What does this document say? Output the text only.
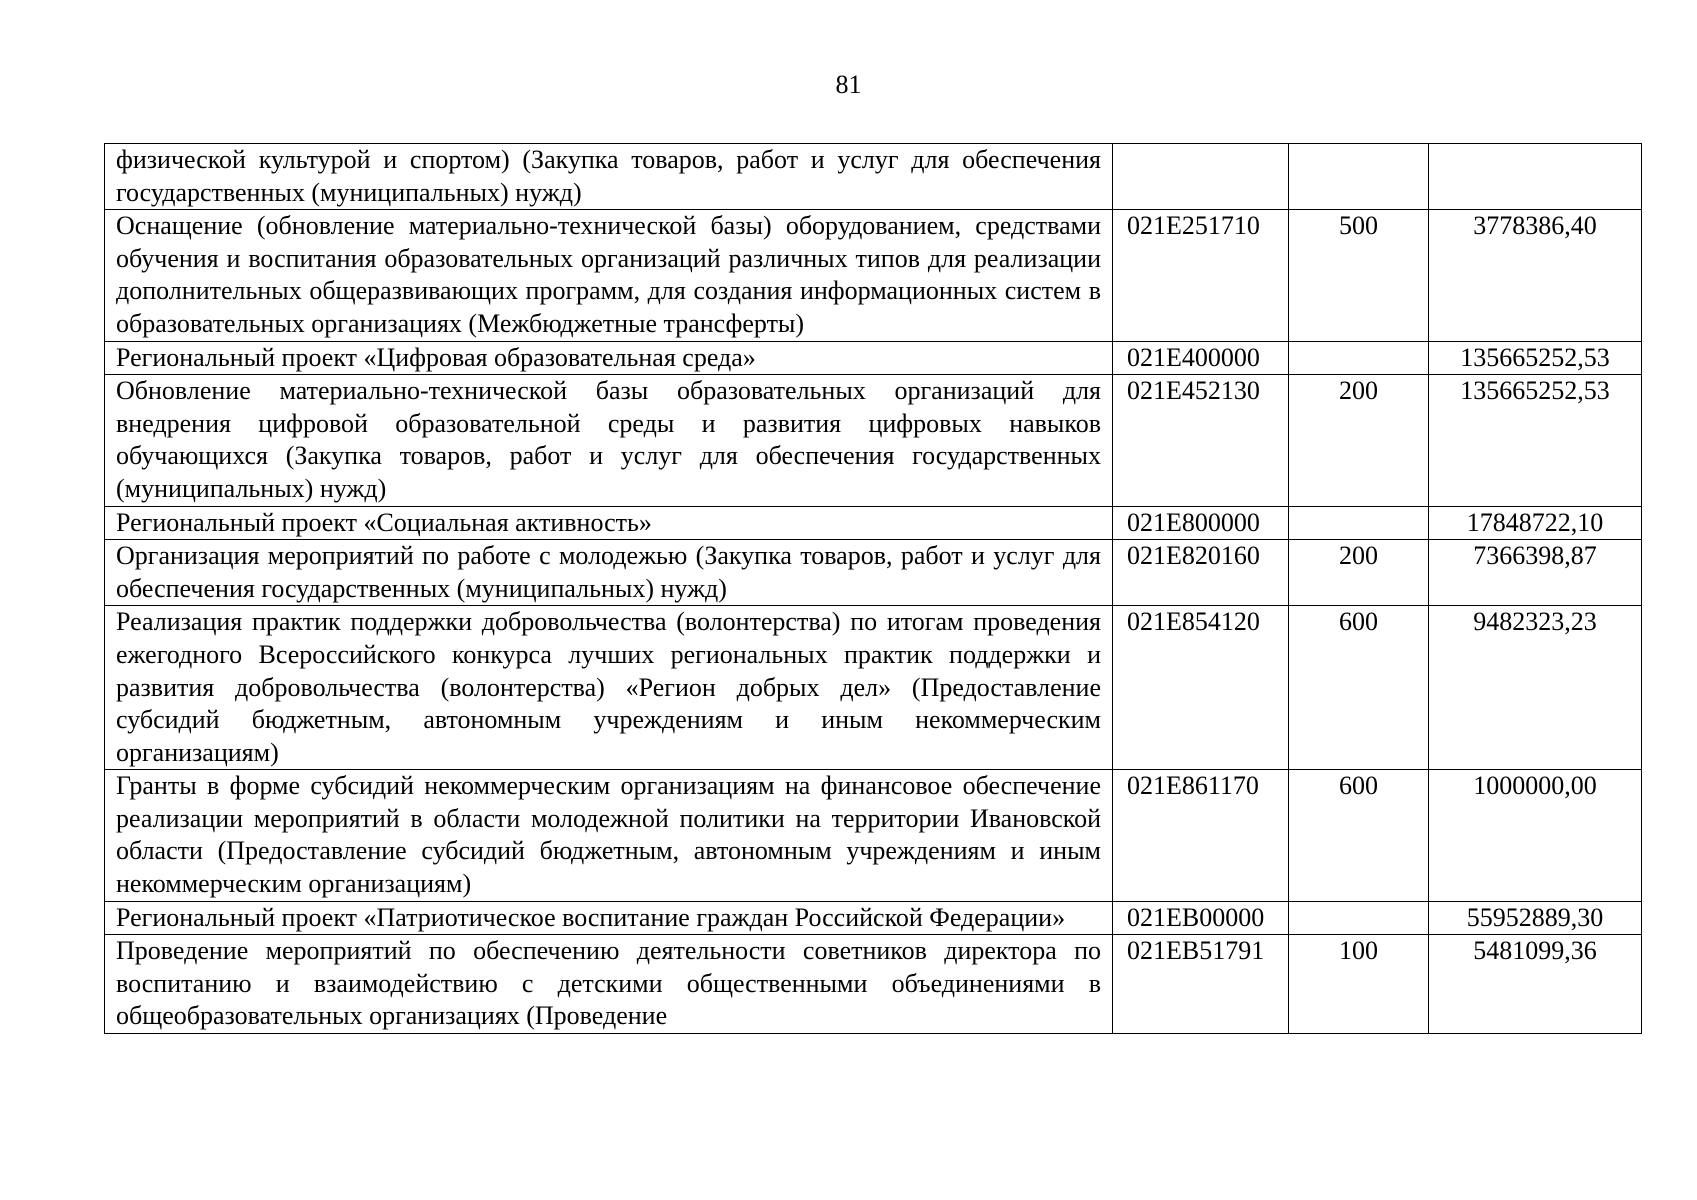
81
физической культурой и спортом) (Закупка товаров, работ и услуг для обеспечения государственных (муниципальных) нужд)			
Оснащение (обновление материально-технической базы) оборудованием, средствами обучения и воспитания образовательных организаций различных типов для реализации дополнительных общеразвивающих программ, для создания информационных систем в образовательных организациях (Межбюджетные трансферты)	021E251710	500	3778386,40
Региональный проект «Цифровая образовательная среда»	021E400000		135665252,53
Обновление материально-технической базы образовательных организаций для внедрения цифровой образовательной среды и развития цифровых навыков обучающихся (Закупка товаров, работ и услуг для обеспечения государственных (муниципальных) нужд)	021E452130	200	135665252,53
Региональный проект «Социальная активность»	021E800000		17848722,10
Организация мероприятий по работе с молодежью (Закупка товаров, работ и услуг для обеспечения государственных (муниципальных) нужд)	021E820160	200	7366398,87
Реализация практик поддержки добровольчества (волонтерства) по итогам проведения ежегодного Всероссийского конкурса лучших региональных практик поддержки и развития добровольчества (волонтерства) «Регион добрых дел» (Предоставление субсидий бюджетным, автономным учреждениям и иным некоммерческим организациям)	021E854120	600	9482323,23
Гранты в форме субсидий некоммерческим организациям на финансовое обеспечение реализации мероприятий в области молодежной политики на территории Ивановской области (Предоставление субсидий бюджетным, автономным учреждениям и иным некоммерческим организациям)	021E861170	600	1000000,00
Региональный проект «Патриотическое воспитание граждан Российской Федерации»	021EB00000		55952889,30
Проведение мероприятий по обеспечению деятельности советников директора по воспитанию и взаимодействию с детскими общественными объединениями в общеобразовательных организациях (Проведение	021EB51791	100	5481099,36
